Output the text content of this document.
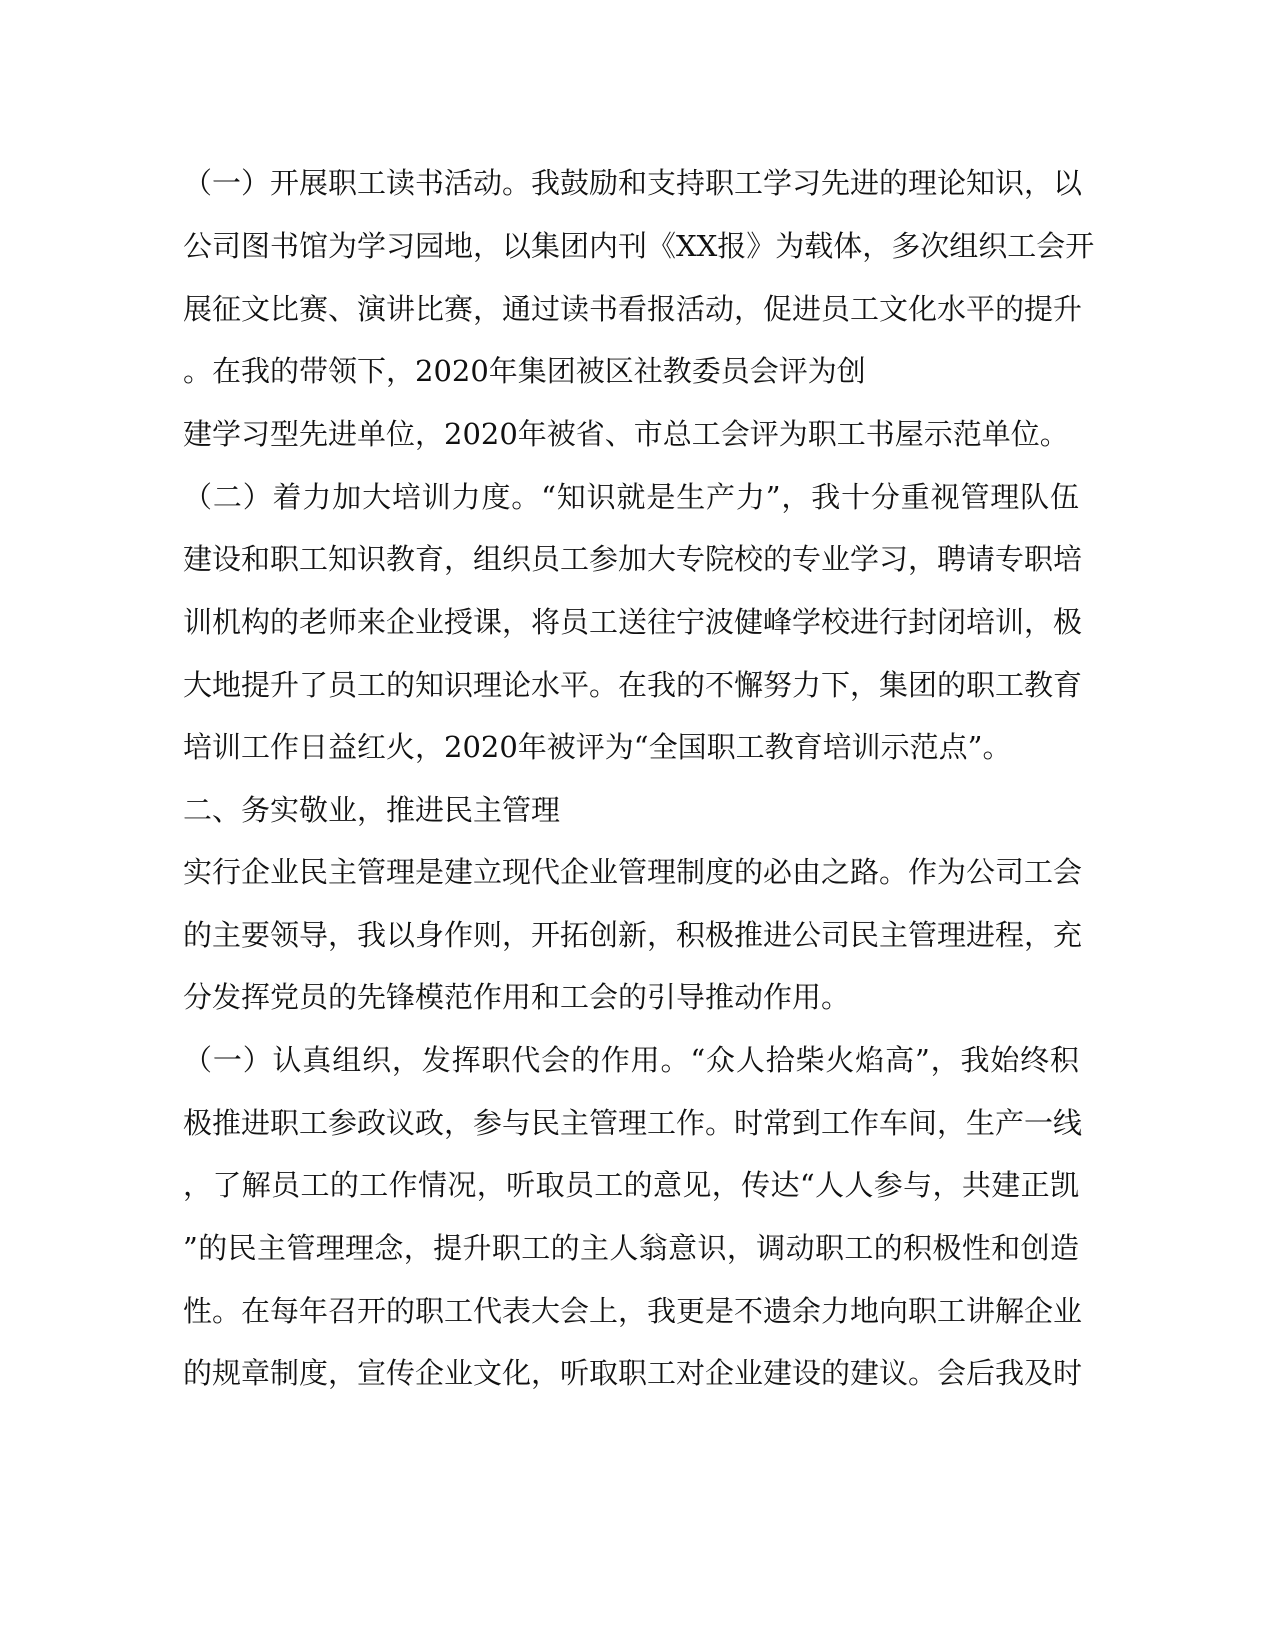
（一）开展职工读书活动。我鼓励和支持职工学习先进的理论知识，以
公司图书馆为学习园地，以集团内刊《XX报》为载体，多次组织工会开
展征文比赛、演讲比赛，通过读书看报活动，促进员工文化水平的提升
。在我的带领下，2020年集团被区社教委员会评为创
建学习型先进单位，2020年被省、市总工会评为职工书屋示范单位。
（二）着力加大培训力度。“知识就是生产力”，我十分重视管理队伍
建设和职工知识教育，组织员工参加大专院校的专业学习，聘请专职培
训机构的老师来企业授课，将员工送往宁波健峰学校进行封闭培训，极
大地提升了员工的知识理论水平。在我的不懈努力下，集团的职工教育
培训工作日益红火，2020年被评为“全国职工教育培训示范点”。
二、务实敬业，推进民主管理
实行企业民主管理是建立现代企业管理制度的必由之路。作为公司工会
的主要领导，我以身作则，开拓创新，积极推进公司民主管理进程，充
分发挥党员的先锋模范作用和工会的引导推动作用。
（一）认真组织，发挥职代会的作用。“众人拾柴火焰高”，我始终积
极推进职工参政议政，参与民主管理工作。时常到工作车间，生产一线
，了解员工的工作情况，听取员工的意见，传达“人人参与，共建正凯
”的民主管理理念，提升职工的主人翁意识，调动职工的积极性和创造
性。在每年召开的职工代表大会上，我更是不遗余力地向职工讲解企业
的规章制度，宣传企业文化，听取职工对企业建设的建议。会后我及时
